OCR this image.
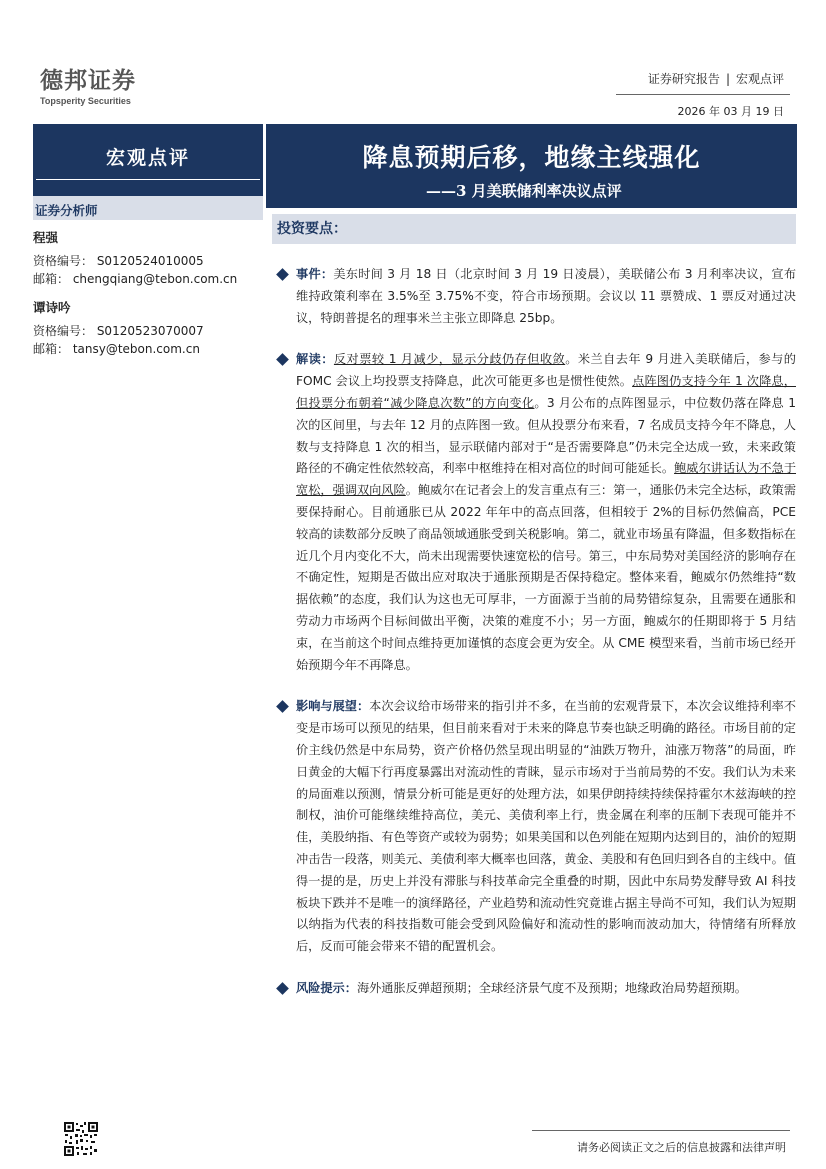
德邦证券
Topsperity Securities
证券研究报告 | 宏观点评
2026 年 03 月 19 日
宏观点评	降息预期后移，地缘主线强化
——3 月美联储利率决议点评
证券分析师
程强
资格编号： S0120524010005
邮箱： chengqiang@tebon.com.cn
谭诗吟
资格编号： S0120523070007
邮箱： tansy@tebon.com.cn
投资要点：
事件：美东时间 3 月 18 日（北京时间 3 月 19 日凌晨），美联储公布 3 月利率决议，宣布维持政策利率在 3.5%至 3.75%不变，符合市场预期。会议以 11 票赞成、1 票反对通过决议，特朗普提名的理事米兰主张立即降息 25bp。
解读：反对票较 1 月减少，显示分歧仍存但收敛。米兰自去年 9 月进入美联储后，参与的 FOMC 会议上均投票支持降息，此次可能更多也是惯性使然。点阵图仍支持今年 1 次降息，但投票分布朝着“减少降息次数”的方向变化。3 月公布的点阵图显示，中位数仍落在降息 1 次的区间里，与去年 12 月的点阵图一致。但从投票分布来看，7 名成员支持今年不降息，人数与支持降息 1 次的相当，显示联储内部对于“是否需要降息”仍未完全达成一致，未来政策路径的不确定性依然较高，利率中枢维持在相对高位的时间可能延长。鲍威尔讲话认为不急于宽松，强调双向风险。鲍威尔在记者会上的发言重点有三：第一，通胀仍未完全达标，政策需要保持耐心。目前通胀已从 2022 年年中的高点回落，但相较于 2%的目标仍然偏高，PCE 较高的读数部分反映了商品领域通胀受到关税影响。第二，就业市场虽有降温，但多数指标在近几个月内变化不大，尚未出现需要快速宽松的信号。第三，中东局势对美国经济的影响存在不确定性，短期是否做出应对取决于通胀预期是否保持稳定。整体来看，鲍威尔仍然维持“数据依赖”的态度，我们认为这也无可厚非，一方面源于当前的局势错综复杂，且需要在通胀和劳动力市场两个目标间做出平衡，决策的难度不小；另一方面，鲍威尔的任期即将于 5 月结束，在当前这个时间点维持更加谨慎的态度会更为安全。从 CME 模型来看，当前市场已经开始预期今年不再降息。
影响与展望：本次会议给市场带来的指引并不多，在当前的宏观背景下，本次会议维持利率不变是市场可以预见的结果，但目前来看对于未来的降息节奏也缺乏明确的路径。市场目前的定价主线仍然是中东局势，资产价格仍然呈现出明显的“油跌万物升，油涨万物落”的局面，昨日黄金的大幅下行再度暴露出对流动性的青睐，显示市场对于当前局势的不安。我们认为未来的局面难以预测，情景分析可能是更好的处理方法，如果伊朗持续持续保持霍尔木兹海峡的控制权，油价可能继续维持高位，美元、美债利率上行，贵金属在利率的压制下表现可能并不佳，美股纳指、有色等资产或较为弱势；如果美国和以色列能在短期内达到目的，油价的短期冲击告一段落，则美元、美债利率大概率也回落，黄金、美股和有色回归到各自的主线中。值得一提的是，历史上并没有滞胀与科技革命完全重叠的时期，因此中东局势发酵导致 AI 科技板块下跌并不是唯一的演绎路径，产业趋势和流动性究竟谁占据主导尚不可知，我们认为短期以纳指为代表的科技指数可能会受到风险偏好和流动性的影响而波动加大，待情绪有所释放后，反而可能会带来不错的配置机会。
风险提示：海外通胀反弹超预期；全球经济景气度不及预期；地缘政治局势超预期。
请务必阅读正文之后的信息披露和法律声明
